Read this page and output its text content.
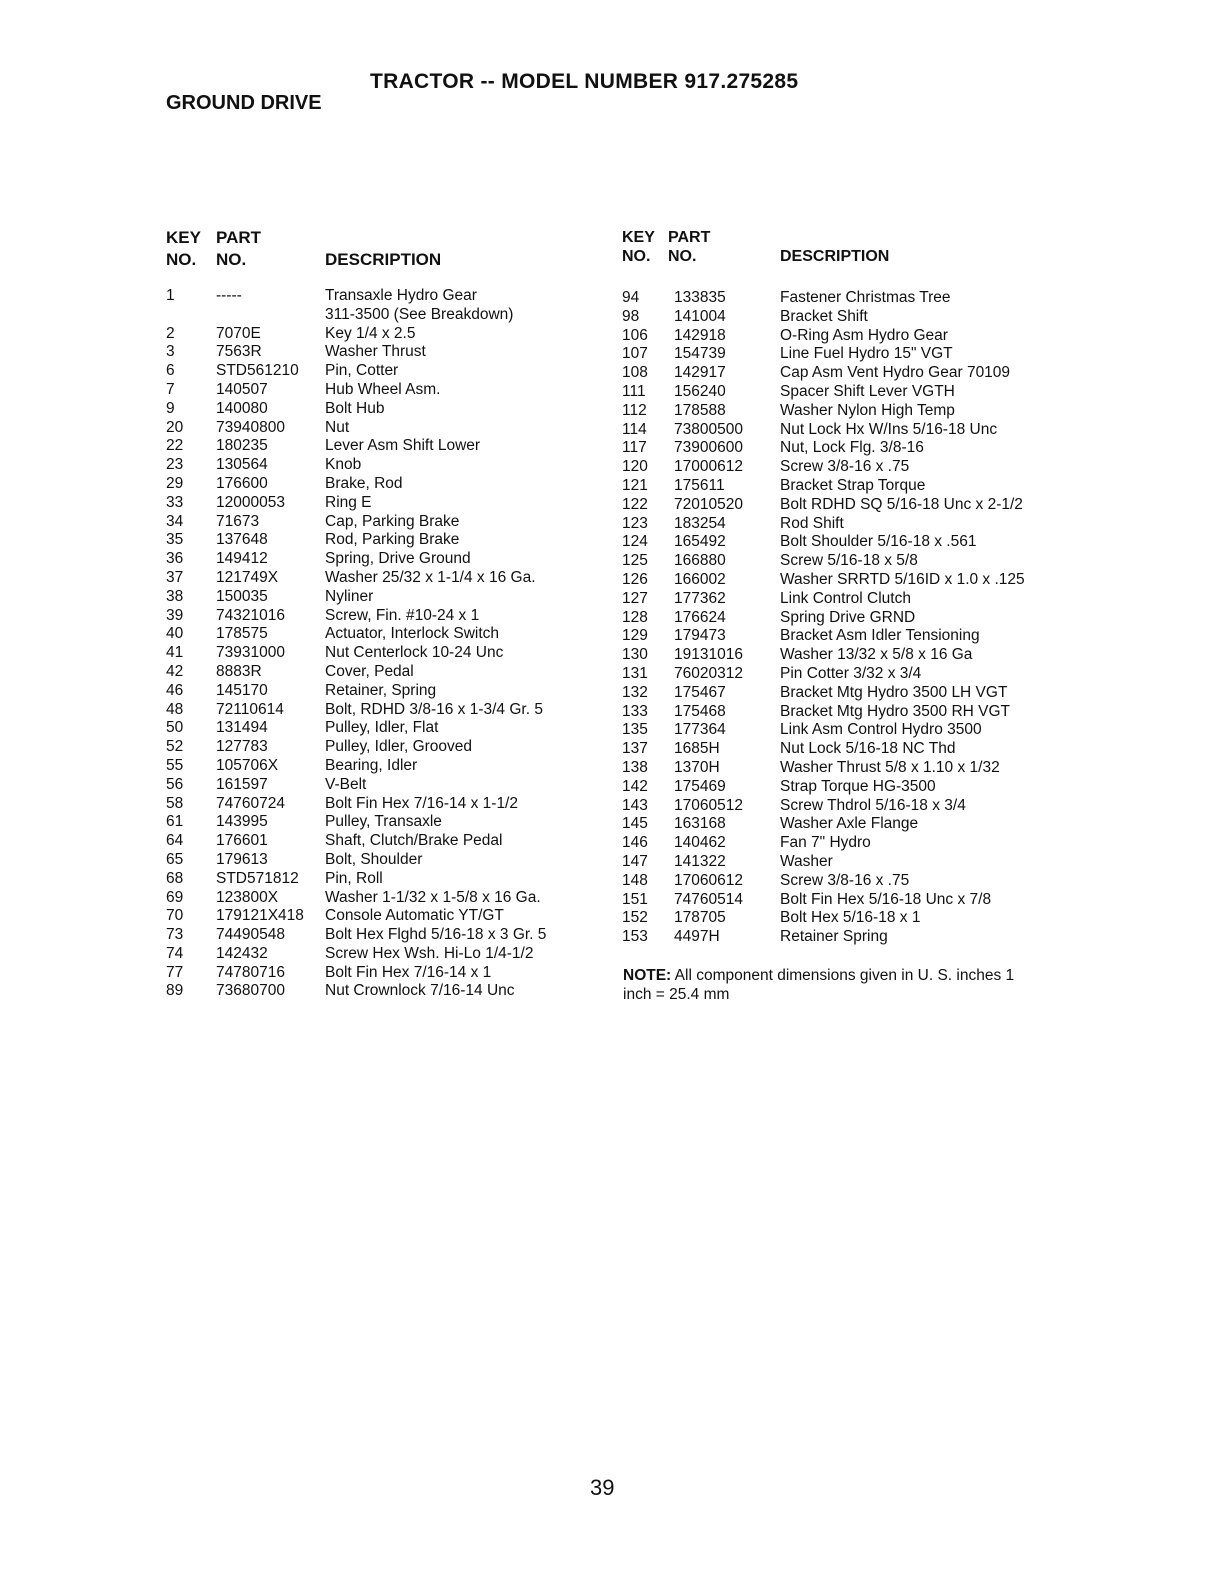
TRACTOR -- MODEL NUMBER 917.275285
GROUND DRIVE
KEY
NO.
PART
NO.	DESCRIPTION
KEY
NO.
PART
NO.	DESCRIPTION
1	-----	Transaxle Hydro Gear
311-3500 (See Breakdown)
2	7070E	Key 1/4 x 2.5
3	7563R	Washer Thrust
6	STD561210 Pin, Cotter
7	140507	Hub Wheel Asm.
9	140080	Bolt Hub
20 73940800	Nut
22 180235	Lever Asm Shift Lower
23 130564	Knob
29 176600	Brake, Rod
33 12000053	Ring E
34 71673	Cap, Parking Brake
35 137648	Rod, Parking Brake
36 149412	Spring, Drive Ground
37 121749X	Washer 25/32 x 1-1/4 x 16 Ga.
38 150035	Nyliner
39 74321016	Screw, Fin. #10-24 x 1
40 178575	Actuator, Interlock Switch
41 73931000	Nut Centerlock 10-24 Unc
42 8883R	Cover, Pedal
46 145170	Retainer, Spring
48 72110614	Bolt, RDHD 3/8-16 x 1-3/4 Gr. 5
50 131494	Pulley, Idler, Flat
52 127783	Pulley, Idler, Grooved
55 105706X	Bearing, Idler
56 161597	V-Belt
58 74760724	Bolt Fin Hex 7/16-14 x 1-1/2
61 143995	Pulley, Transaxle
64 176601	Shaft, Clutch/Brake Pedal
65 179613	Bolt, Shoulder
68 STD571812 Pin, Roll
69 123800X	Washer 1-1/32 x 1-5/8 x 16 Ga.
70 179121X418 Console Automatic YT/GT
73 74490548	Bolt Hex Flghd 5/16-18 x 3 Gr. 5
74 142432	Screw Hex Wsh. Hi-Lo 1/4-1/2
77 74780716	Bolt Fin Hex 7/16-14 x 1
89 73680700	Nut Crownlock 7/16-14 Unc
94 133835	Fastener Christmas Tree
98 141004	Bracket Shift
106 142918	O-Ring Asm Hydro Gear
107 154739	Line Fuel Hydro 15" VGT
108 142917	Cap Asm Vent Hydro Gear 70109
111 156240	Spacer Shift Lever VGTH
112 178588	Washer Nylon High Temp
114 73800500 Nut Lock Hx W/Ins 5/16-18 Unc
117 73900600 Nut, Lock Flg. 3/8-16
120 17000612 Screw 3/8-16 x .75
121 175611	Bracket Strap Torque
122 72010520 Bolt RDHD SQ 5/16-18 Unc x 2-1/2
123 183254	Rod Shift
124 165492	Bolt Shoulder 5/16-18 x .561
125 166880	Screw 5/16-18 x 5/8
126 166002	Washer SRRTD 5/16ID x 1.0 x .125
127 177362	Link Control Clutch
128 176624	Spring Drive GRND
129 179473	Bracket Asm Idler Tensioning
130 19131016 Washer 13/32 x 5/8 x 16 Ga
131 76020312 Pin Cotter 3/32 x 3/4
132 175467	Bracket Mtg Hydro 3500 LH VGT
133 175468	Bracket Mtg Hydro 3500 RH VGT
135 177364	Link Asm Control Hydro 3500
137 1685H	Nut Lock 5/16-18 NC Thd
138 1370H	Washer Thrust 5/8 x 1.10 x 1/32
142 175469	Strap Torque HG-3500
143 17060512 Screw Thdrol 5/16-18 x 3/4
145 163168	Washer Axle Flange
146 140462	Fan 7" Hydro
147 141322	Washer
148 17060612 Screw 3/8-16 x .75
151 74760514 Bolt Fin Hex 5/16-18 Unc x 7/8
152 178705	Bolt Hex 5/16-18 x 1
153 4497H	Retainer Spring
NOTE: All component dimensions given in U. S. inches 1 inch = 25.4 mm
39
